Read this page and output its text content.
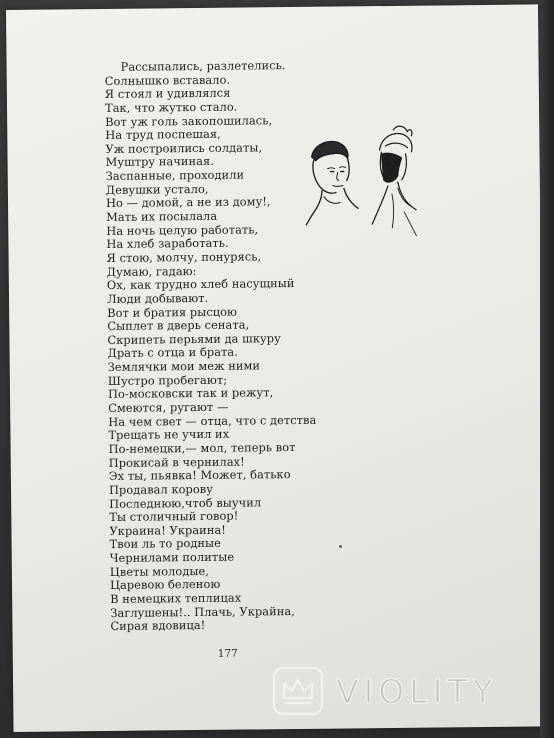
Рассыпались, разлетелись.
Солнышко вставало.
Я стоял и удивлялся
Так, что жутко стало.
Вот уж голь закопошилась,
На труд поспешая,
Уж построились солдаты,
Муштру начиная.
Заспанные, проходили
Девушки устало,
Но — домой, а не из дому!,
Мать их посылала
На ночь целую работать,
На хлеб заработать.
Я стою, молчу, понурясь,
Думаю, гадаю:
Ох, как трудно хлеб насущный
Люди добывают.
Вот и братия рысцою
Сыплет в дверь сената,
Скрипеть перьями да шкуру
Драть с отца и брата.
Землячки мои меж ними
Шустро пробегают;
По-московски так и режут,
Смеются, ругают —
На чем свет — отца, что с детства
Трещать не учил их
По-немецки,— мол, теперь вот
Прокисай в чернилах!
Эх ты, пьявка! Может, батько
Продавал корову
Последнюю,чтоб выучил
Ты столичный говор!
Украина! Украина!
Твои ль то родные
Чернилами политые
Цветы молодые,
Царевою беленою
В немецких теплицах
Заглушены!.. Плачь, Украйна,
Сирая вдовица!
177
VIOLITY
